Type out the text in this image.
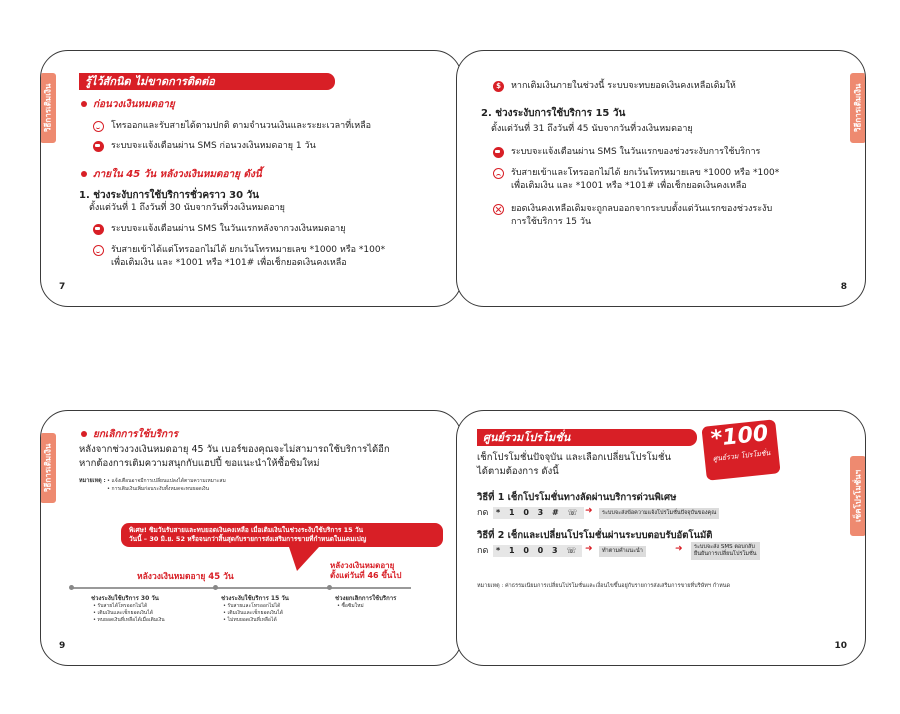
วิธีการเติมเงิน
รู้ไว้สักนิด ไม่ขาดการติดต่อ
ก่อนวงเงินหมดอายุ
โทรออกและรับสายได้ตามปกติ ตามจำนวนเงินและระยะเวลาที่เหลือ
ระบบจะแจ้งเตือนผ่าน SMS ก่อนวงเงินหมดอายุ 1 วัน
ภายใน 45 วัน หลังวงเงินหมดอายุ ดังนี้
1. ช่วงระงับการใช้บริการชั่วคราว 30 วัน
ตั้งแต่วันที่ 1 ถึงวันที่ 30 นับจากวันที่วงเงินหมดอายุ
ระบบจะแจ้งเตือนผ่าน SMS ในวันแรกหลังจากวงเงินหมดอายุ
รับสายเข้าได้แต่โทรออกไม่ได้ ยกเว้นโทรหมายเลข *1000 หรือ *100*
เพื่อเติมเงิน และ *1001 หรือ *101# เพื่อเช็กยอดเงินคงเหลือ
7
วิธีการเติมเงิน
$	หากเติมเงินภายในช่วงนี้ ระบบจะทบยอดเงินคงเหลือเดิมให้
2. ช่วงระงับการใช้บริการ 15 วัน
ตั้งแต่วันที่ 31 ถึงวันที่ 45 นับจากวันที่วงเงินหมดอายุ
ระบบจะแจ้งเตือนผ่าน SMS ในวันแรกของช่วงระงับการใช้บริการ
รับสายเข้าและโทรออกไม่ได้ ยกเว้นโทรหมายเลข *1000 หรือ *100*
เพื่อเติมเงิน และ *1001 หรือ *101# เพื่อเช็กยอดเงินคงเหลือ
ยอดเงินคงเหลือเดิมจะถูกลบออกจากระบบตั้งแต่วันแรกของช่วงระงับ
การใช้บริการ 15 วัน
8
วิธีการเติมเงิน
ยกเลิกการใช้บริการ
หลังจากช่วงวงเงินหมดอายุ 45 วัน เบอร์ของคุณจะไม่สามารถใช้บริการได้อีก
หากต้องการเติมความสนุกกับแฮปปี้ ขอแนะนำให้ซื้อซิมใหม่
หมายเหตุ : • แจ้งเตือนอาจมีการเปลี่ยนแปลงได้ตามความเหมาะสม
• การเติมเงินเพิ่มก่อนระงับทั้งหมดจะทบยอดเงิน
พิเศษ! ซิมวันรับสายและทบยอดเงินคงเหลือ เมื่อเติมเงินในช่วงระงับใช้บริการ 15 วัน
วันนี้ – 30 มิ.ย. 52 หรือจนกว่าสิ้นสุดกับรายการส่งเสริมการขายที่กำหนดในแคมเปญ
หลังวงเงินหมดอายุ 45 วัน
หลังวงเงินหมดอายุ
ตั้งแต่วันที่ 46 ขึ้นไป
ช่วงระงับใช้บริการ 30 วัน
• รับสายได้โทรออกไม่ได้
• เติมเงินและเช็กยอดเงินได้
• ทบยอดเงินที่เหลือได้เมื่อเติมเงิน
ช่วงระงับใช้บริการ 15 วัน
• รับสายและโทรออกไม่ได้
• เติมเงินและเช็กยอดเงินได้
• ไม่ทบยอดเงินที่เหลือได้
ช่วงยกเลิกการใช้บริการ
• ซื้อซิมใหม่
9
เช็คโปรโมชั่นฯ
ศูนย์รวมโปรโมชั่น	*100
ศูนย์รวม โปรโมชั่น
เช็กโปรโมชั่นปัจจุบัน และเลือกเปลี่ยนโปรโมชั่น
ได้ตามต้องการ ดังนี้
วิธีที่ 1 เช็กโปรโมชั่นทางลัดผ่านบริการด่วนพิเศษ
กด * 1 0 3 # ☏ ➜	ระบบจะส่งข้อความแจ้งโปรโมชั่นปัจจุบันของคุณ
วิธีที่ 2 เช็กและเปลี่ยนโปรโมชั่นผ่านระบบตอบรับอัตโนมัติ
กด * 1 0 0 3 ☏ ➜	ทำตามคำแนะนำ	➜ ระบบจะส่ง SMS ตอบกลับ
ยืนยันการเปลี่ยนโปรโมชั่น
หมายเหตุ : ค่าธรรมเนียมการเปลี่ยนโปรโมชั่นและเงื่อนไขขึ้นอยู่กับรายการส่งเสริมการขายที่บริษัทฯ กำหนด
10
